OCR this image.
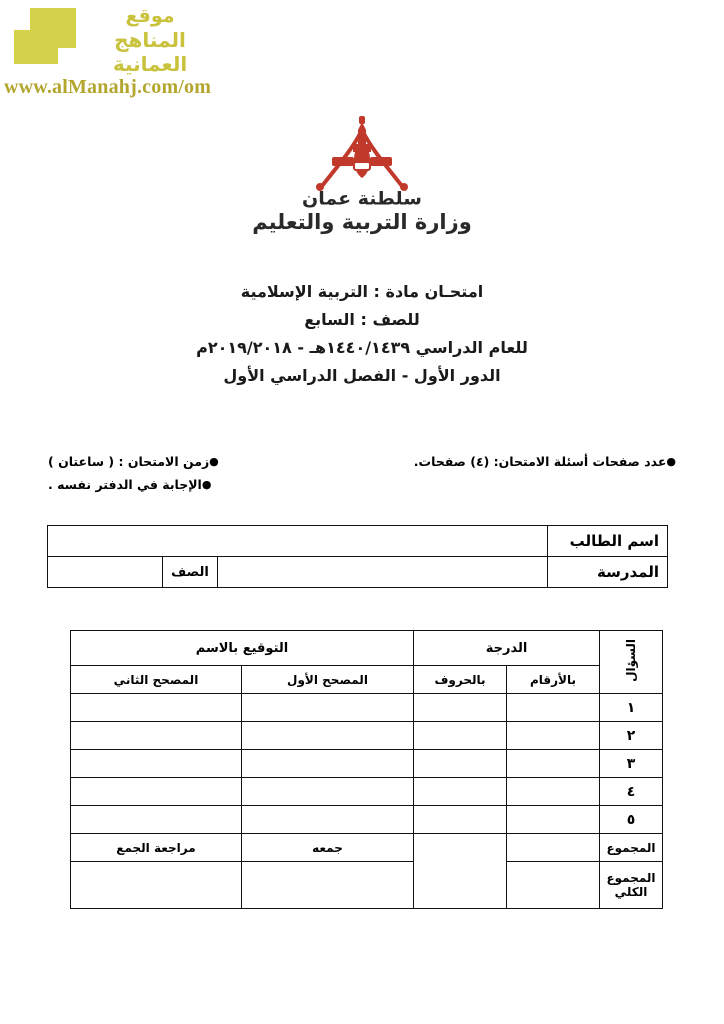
موقع
المناهج العمانية
www.alManahj.com/om
سلطنة عمان
وزارة التربية والتعليم
امتحـان مادة : التربية الإسلامية
للصف : السابع
للعام الدراسي ١٤٤٠/١٤٣٩هـ - ٢٠١٩/٢٠١٨م
الدور الأول - الفصل الدراسي الأول
●عدد صفحات أسئلة الامتحان: (٤) صفحات.
●زمن الامتحان : ( ساعتان )
●الإجابة في الدفتر نفسه .
اسم الطالب			
المدرسة		الصف	
السؤال	الدرجة		التوقيع بالاسم	
	بالأرقام	بالحروف	المصحح الأول	المصحح الثاني
١				
٢				
٣				
٤				
٥				
المجموع			جمعه	مراجعة الجمع
المجموع الكلي				
